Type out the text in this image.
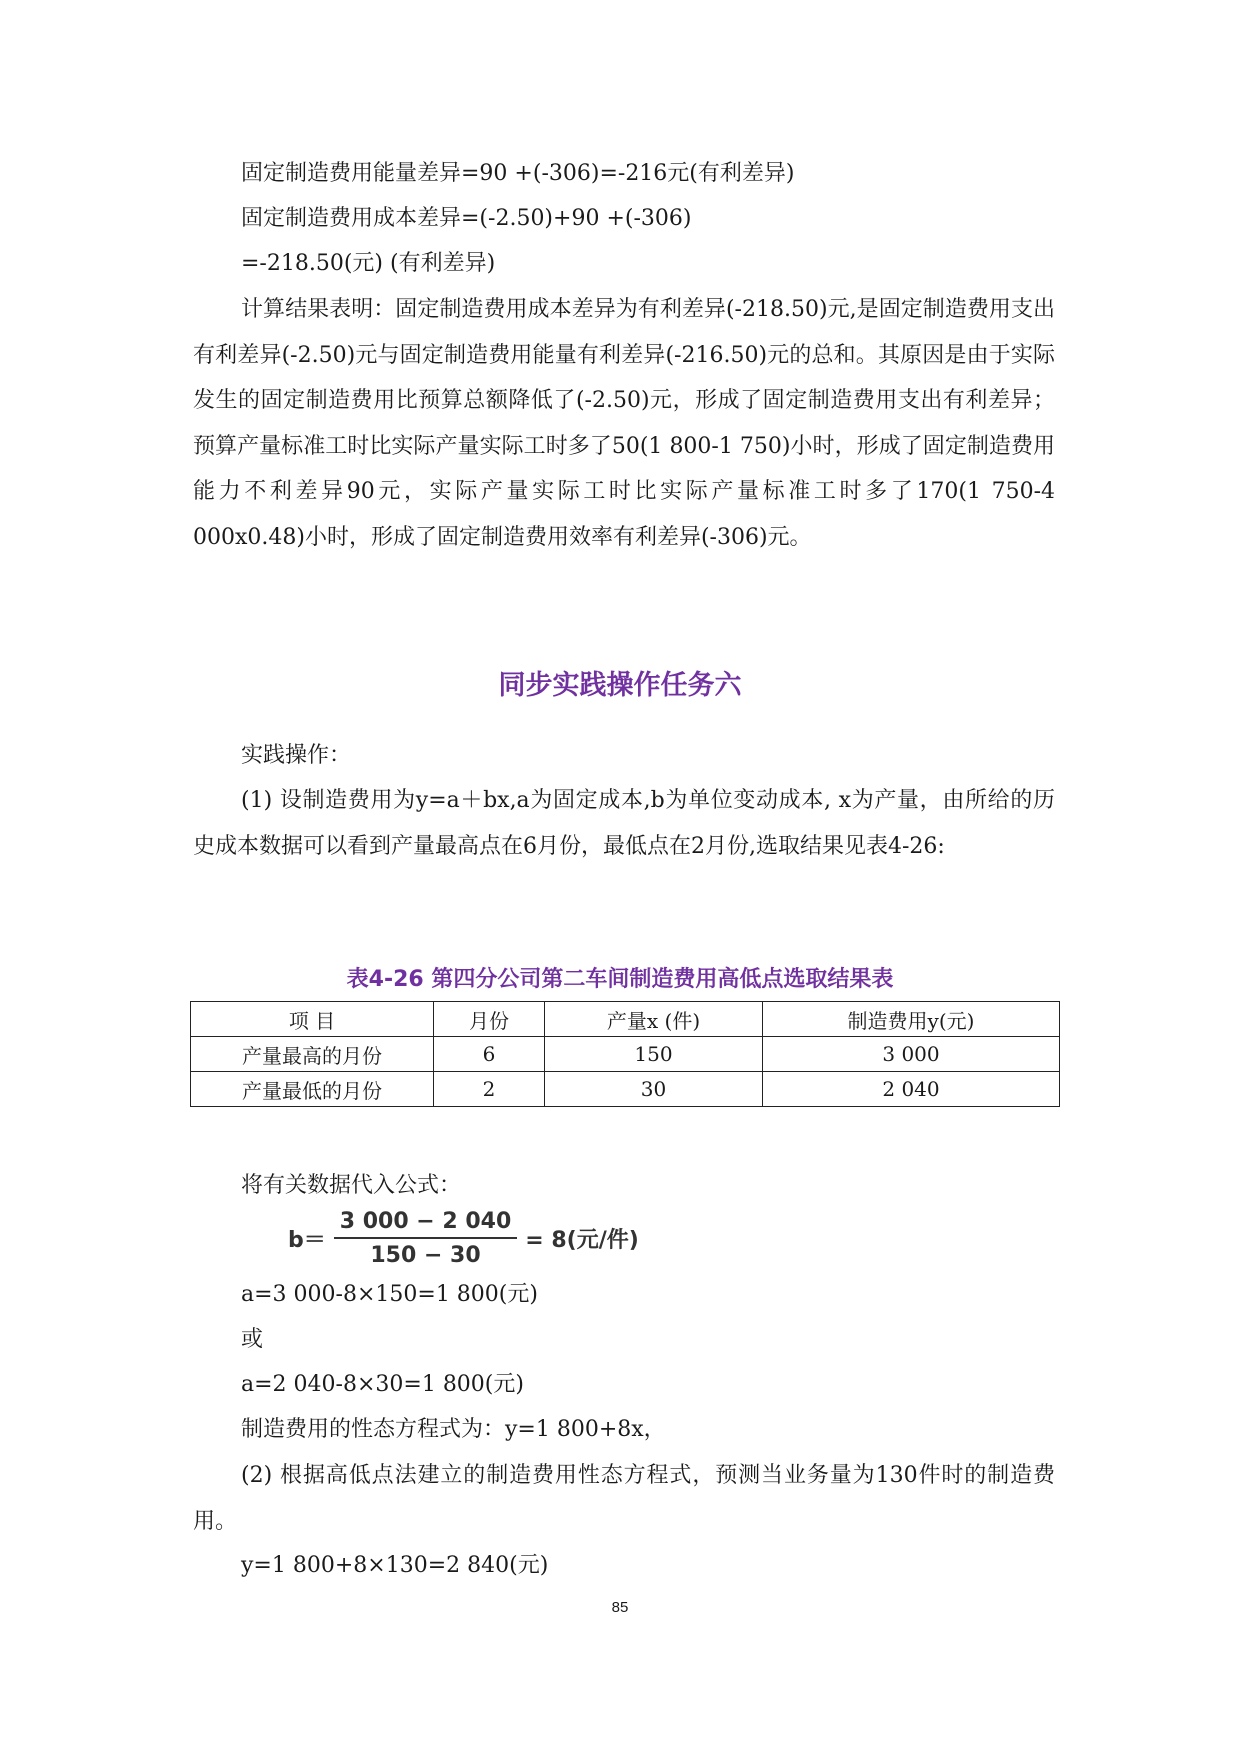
固定制造费用能量差异=90 +(-306)=-216元(有利差异)
固定制造费用成本差异=(-2.50)+90 +(-306)
=-218.50(元) (有利差异)
计算结果表明：固定制造费用成本差异为有利差异(-218.50)元,是固定制造费用支出有利差异(-2.50)元与固定制造费用能量有利差异(-216.50)元的总和。其原因是由于实际发生的固定制造费用比预算总额降低了(-2.50)元，形成了固定制造费用支出有利差异；预算产量标准工时比实际产量实际工时多了50(1 800-1 750)小时，形成了固定制造费用能力不利差异90元，实际产量实际工时比实际产量标准工时多了170(1 750-4 000x0.48)小时，形成了固定制造费用效率有利差异(-306)元。
同步实践操作任务六
实践操作：
(1) 设制造费用为y=a＋bx,a为固定成本,b为单位变动成本, x为产量，由所给的历史成本数据可以看到产量最高点在6月份，最低点在2月份,选取结果见表4-26:
表4-26 第四分公司第二车间制造费用高低点选取结果表
项 目	月份	产量x (件)	制造费用y(元)
产量最高的月份	6	150	3 000
产量最低的月份	2	30	2 040
将有关数据代入公式：
$b= \frac{3 000 - 2 040}{150 - 30} = 8$(元/件)
a=3 000-8×150=1 800(元)
或
a=2 040-8×30=1 800(元)
制造费用的性态方程式为：y=1 800+8x，
(2) 根据高低点法建立的制造费用性态方程式，预测当业务量为130件时的制造费用。
y=1 800+8×130=2 840(元)
85
